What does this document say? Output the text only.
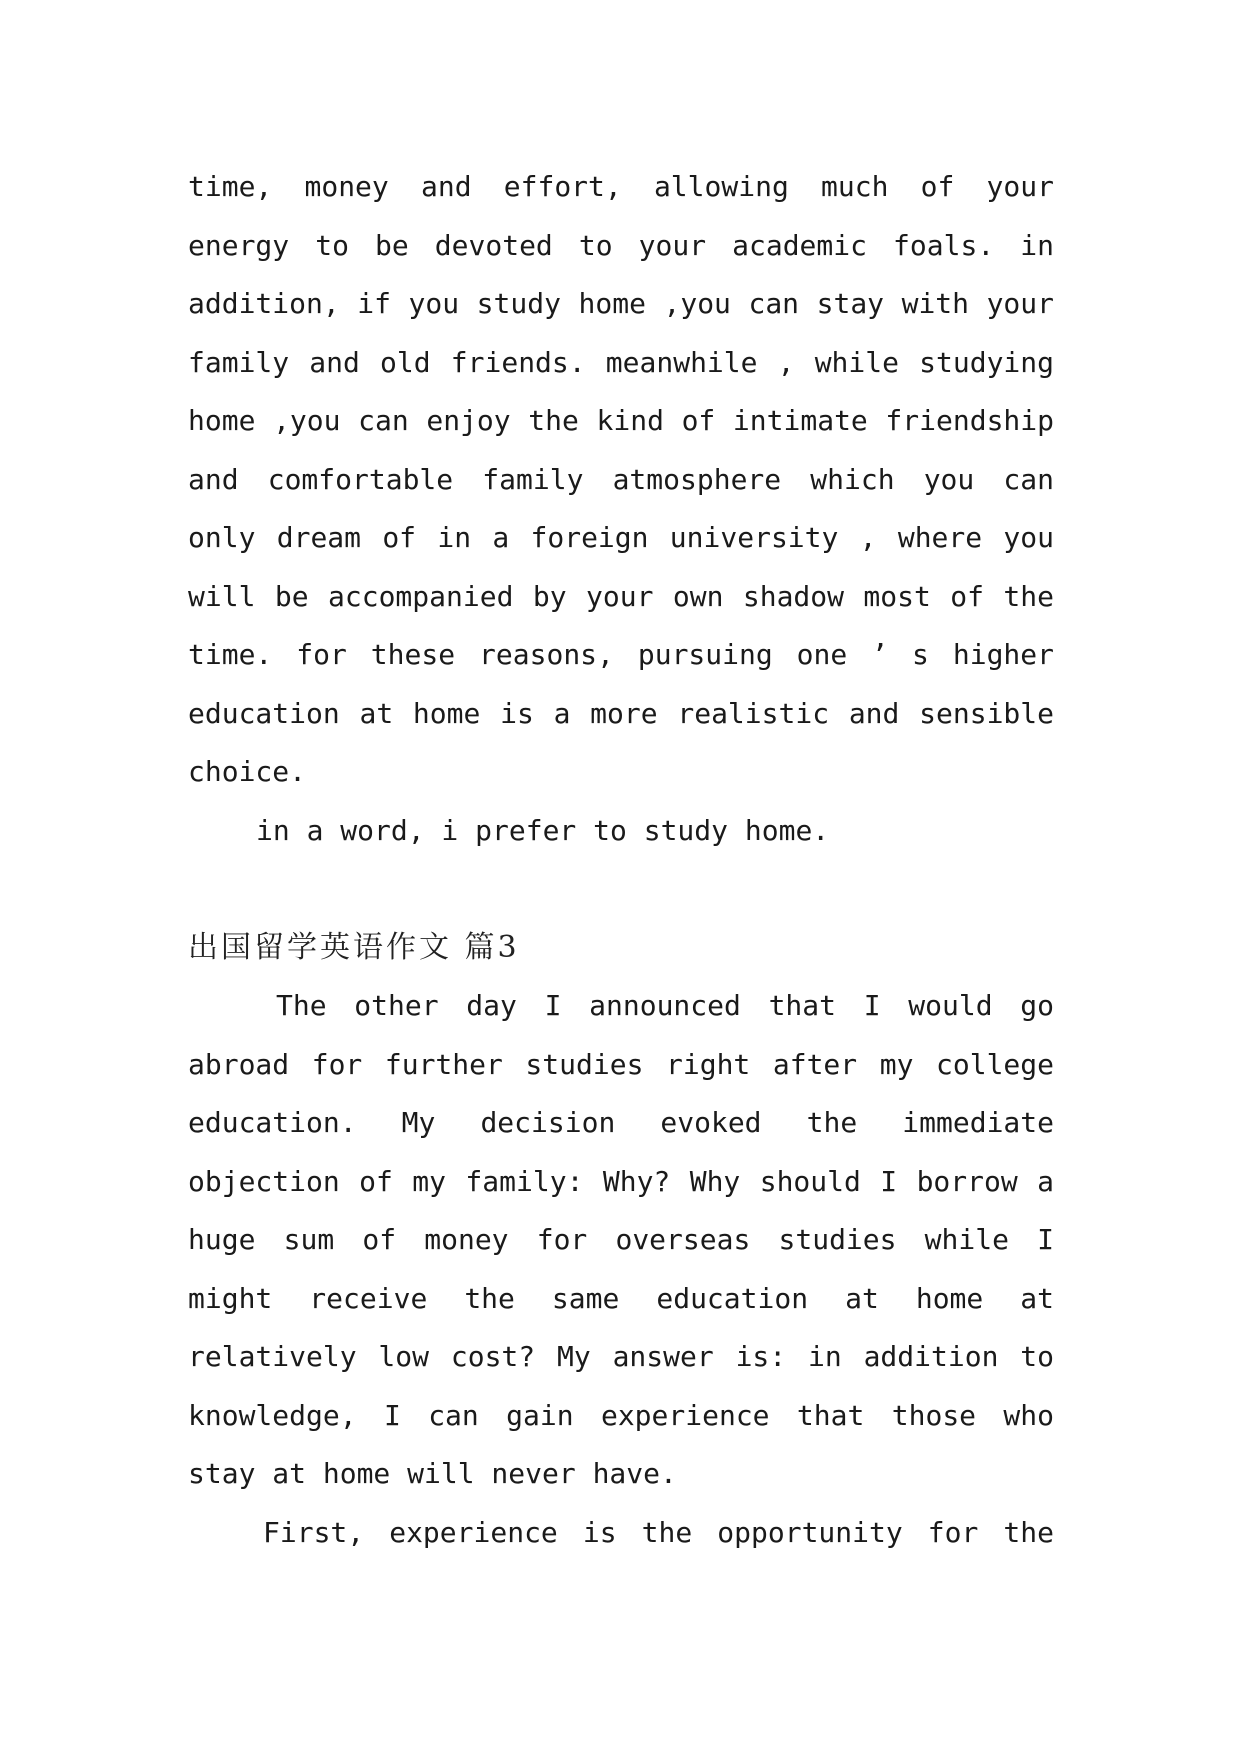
time, money and effort, allowing much of your
energy to be devoted to your academic foals. in
addition, if you study home ,you can stay with your
family and old friends. meanwhile , while studying
home ,you can enjoy the kind of intimate friendship
and comfortable family atmosphere which you can
only dream of in a foreign university , where you
will be accompanied by your own shadow most of the
time. for these reasons, pursuing one ’ s higher
education at home is a more realistic and sensible
choice.
in a word, i prefer to study home.
出国留学英语作文 篇3
The other day I announced that I would go
abroad for further studies right after my college
education. My decision evoked the immediate
objection of my family: Why? Why should I borrow a
huge sum of money for overseas studies while I
might receive the same education at home at
relatively low cost? My answer is: in addition to
knowledge, I can gain experience that those who
stay at home will never have.
First, experience is the opportunity for the
